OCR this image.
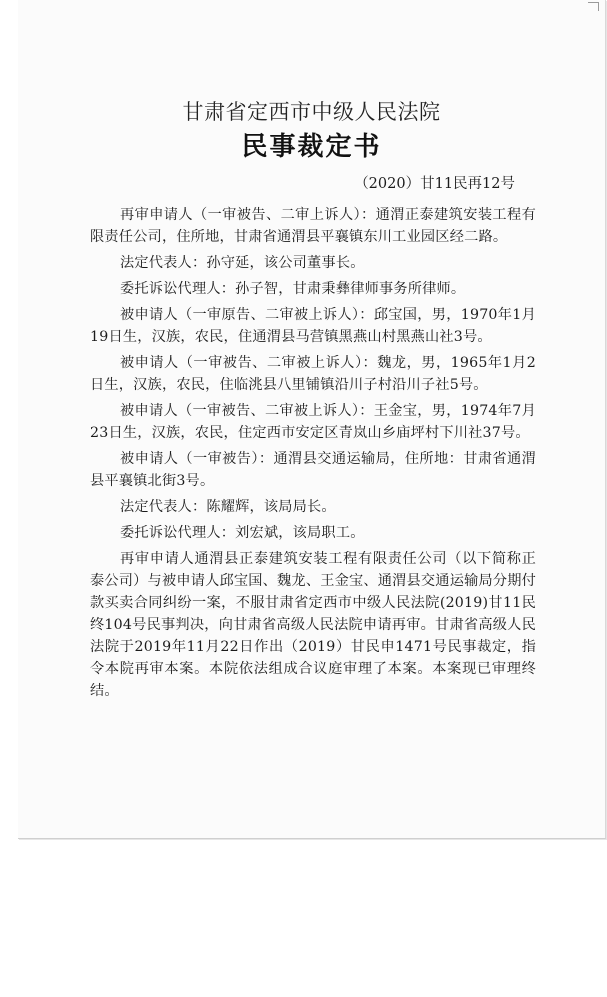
甘肃省定西市中级人民法院
民事裁定书
（2020）甘11民再12号

再审申请人（一审被告、二审上诉人）：通渭正泰建筑安装工程有限责任公司，住所地，甘肃省通渭县平襄镇东川工业园区经二路。

法定代表人：孙守延，该公司董事长。

委托诉讼代理人：孙子智，甘肃秉彝律师事务所律师。

被申请人（一审原告、二审被上诉人）：邱宝国，男，1970年1月19日生，汉族，农民，住通渭县马营镇黑燕山村黑燕山社3号。

被申请人（一审被告、二审被上诉人）：魏龙，男，1965年1月2日生，汉族，农民，住临洮县八里铺镇沿川子村沿川子社5号。

被申请人（一审被告、二审被上诉人）：王金宝，男，1974年7月23日生，汉族，农民，住定西市安定区青岚山乡庙坪村下川社37号。

被申请人（一审被告）：通渭县交通运输局，住所地：甘肃省通渭县平襄镇北街3号。

法定代表人：陈耀辉，该局局长。

委托诉讼代理人：刘宏斌，该局职工。

再审申请人通渭县正泰建筑安装工程有限责任公司（以下简称正泰公司）与被申请人邱宝国、魏龙、王金宝、通渭县交通运输局分期付款买卖合同纠纷一案，不服甘肃省定西市中级人民法院(2019)甘11民终104号民事判决，向甘肃省高级人民法院申请再审。甘肃省高级人民法院于2019年11月22日作出（2019）甘民申1471号民事裁定，指令本院再审本案。本院依法组成合议庭审理了本案。本案现已审理终结。
